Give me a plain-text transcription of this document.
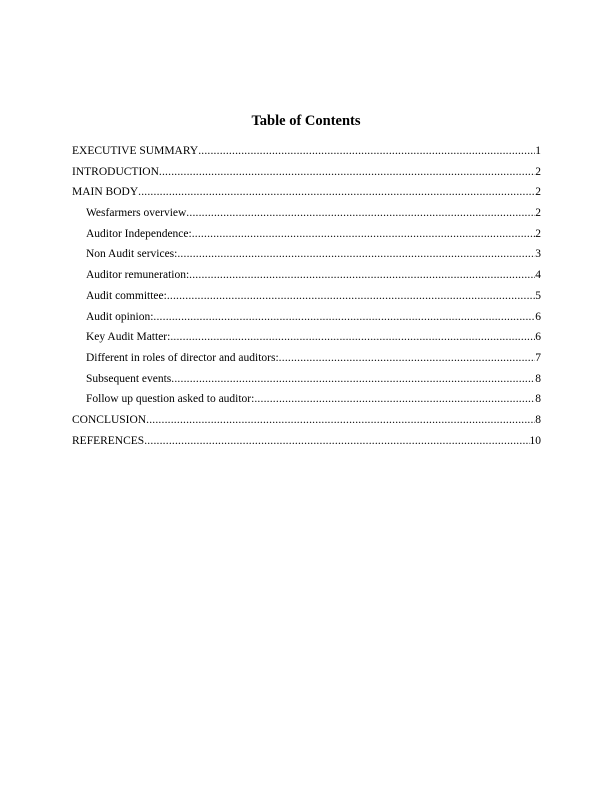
Table of Contents
EXECUTIVE SUMMARY .....	1
INTRODUCTION .....	2
MAIN BODY .....	2
Wesfarmers overview .....	2
Auditor Independence: .....	2
Non Audit services: .....	3
Auditor remuneration: .....	4
Audit committee: .....	5
Audit opinion: .....	6
Key Audit Matter: .....	6
Different in roles of director and auditors: .....	7
Subsequent events .....	8
Follow up question asked to auditor: .....	8
CONCLUSION .....	8
REFERENCES .....	10
